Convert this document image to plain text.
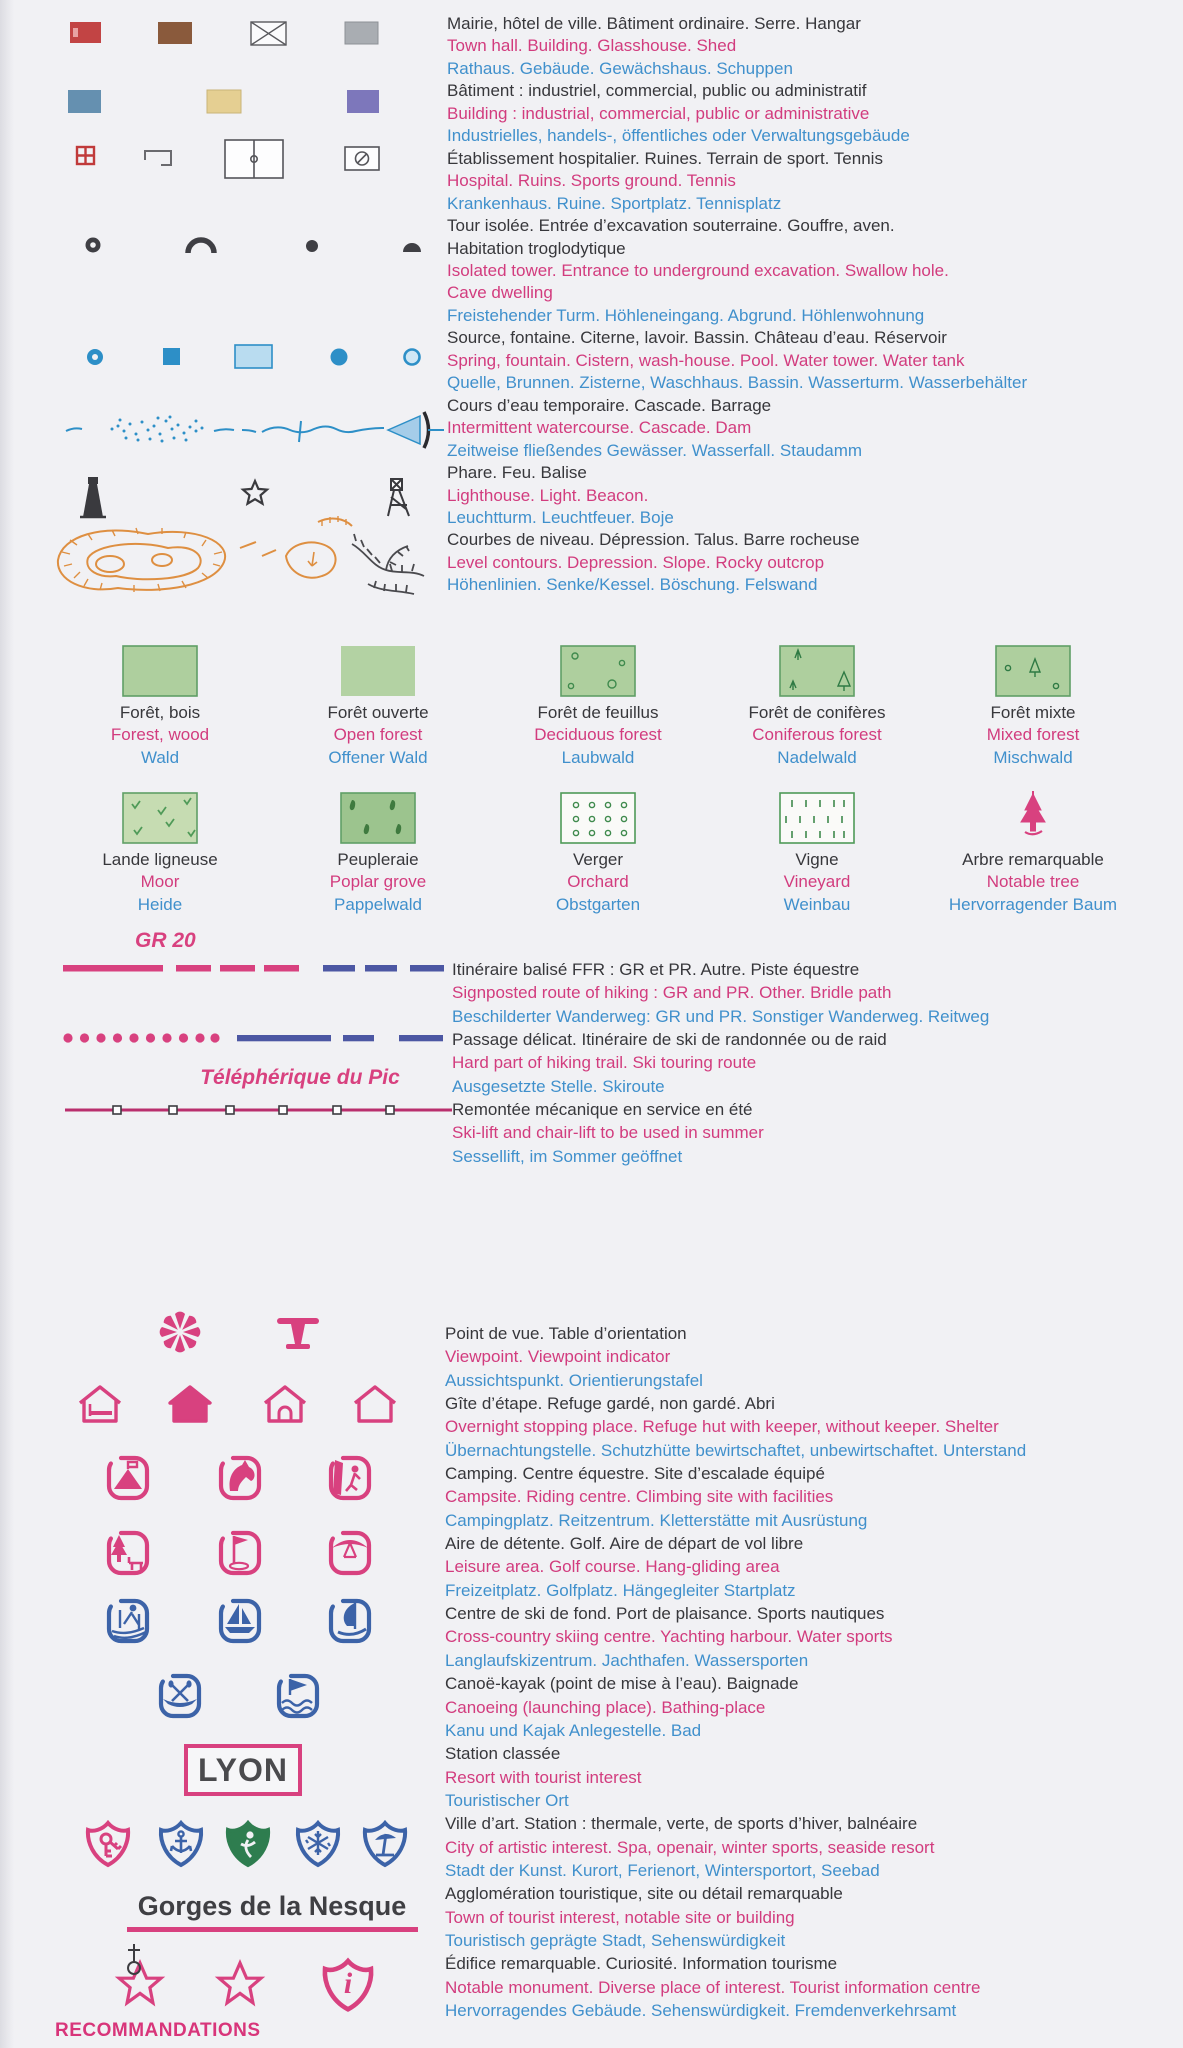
Mairie, hôtel de ville. Bâtiment ordinaire. Serre. Hangar
Town hall. Building. Glasshouse. Shed
Rathaus. Gebäude. Gewächshaus. Schuppen
Bâtiment : industriel, commercial, public ou administratif
Building : industrial, commercial, public or administrative
Industrielles, handels-, öffentliches oder Verwaltungsgebäude
Établissement hospitalier. Ruines. Terrain de sport. Tennis
Hospital. Ruins. Sports ground. Tennis
Krankenhaus. Ruine. Sportplatz. Tennisplatz
Tour isolée. Entrée d’excavation souterraine. Gouffre, aven.
Habitation troglodytique
Isolated tower. Entrance to underground excavation. Swallow hole.
Cave dwelling
Freistehender Turm. Höhleneingang. Abgrund. Höhlenwohnung
Source, fontaine. Citerne, lavoir. Bassin. Château d’eau. Réservoir
Spring, fountain. Cistern, wash-house. Pool. Water tower. Water tank
Quelle, Brunnen. Zisterne, Waschhaus. Bassin. Wasserturm. Wasserbehälter
Cours d’eau temporaire. Cascade. Barrage
Intermittent watercourse. Cascade. Dam
Zeitweise fließendes Gewässer. Wasserfall. Staudamm
Phare. Feu. Balise
Lighthouse. Light. Beacon.
Leuchtturm. Leuchtfeuer. Boje
Courbes de niveau. Dépression. Talus. Barre rocheuse
Level contours. Depression. Slope. Rocky outcrop
Höhenlinien. Senke/Kessel. Böschung. Felswand
Forêt, bois
Forest, wood
Wald
Forêt ouverte
Open forest
Offener Wald
Forêt de feuillus
Deciduous forest
Laubwald
Forêt de conifères
Coniferous forest
Nadelwald
Forêt mixte
Mixed forest
Mischwald
Lande ligneuse
Moor
Heide
Peupleraie
Poplar grove
Pappelwald
Verger
Orchard
Obstgarten
Vigne
Vineyard
Weinbau
Arbre remarquable
Notable tree
Hervorragender Baum
GR 20
Téléphérique du Pic
Itinéraire balisé FFR : GR et PR. Autre. Piste équestre
Signposted route of hiking : GR and PR. Other. Bridle path
Beschilderter Wanderweg: GR und PR. Sonstiger Wanderweg. Reitweg
Passage délicat. Itinéraire de ski de randonnée ou de raid
Hard part of hiking trail. Ski touring route
Ausgesetzte Stelle. Skiroute
Remontée mécanique en service en été
Ski-lift and chair-lift to be used in summer
Sessellift, im Sommer geöffnet
Point de vue. Table d’orientation
Viewpoint. Viewpoint indicator
Aussichtspunkt. Orientierungstafel
Gîte d’étape. Refuge gardé, non gardé. Abri
Overnight stopping place. Refuge hut with keeper, without keeper. Shelter
Übernachtungstelle. Schutzhütte bewirtschaftet, unbewirtschaftet. Unterstand
Camping. Centre équestre. Site d’escalade équipé
Campsite. Riding centre. Climbing site with facilities
Campingplatz. Reitzentrum. Kletterstätte mit Ausrüstung
Aire de détente. Golf. Aire de départ de vol libre
Leisure area. Golf course. Hang-gliding area
Freizeitplatz. Golfplatz. Hängegleiter Startplatz
Centre de ski de fond. Port de plaisance. Sports nautiques
Cross-country skiing centre. Yachting harbour. Water sports
Langlaufskizentrum. Jachthafen. Wassersporten
Canoë-kayak (point de mise à l’eau). Baignade
Canoeing (launching place). Bathing-place
Kanu und Kajak Anlegestelle. Bad
Station classée
Resort with tourist interest
Touristischer Ort
Ville d’art. Station : thermale, verte, de sports d’hiver, balnéaire
City of artistic interest. Spa, openair, winter sports, seaside resort
Stadt der Kunst. Kurort, Ferienort, Wintersportort, Seebad
Agglomération touristique, site ou détail remarquable
Town of tourist interest, notable site or building
Touristisch geprägte Stadt, Sehenswürdigkeit
Édifice remarquable. Curiosité. Information tourisme
Notable monument. Diverse place of interest. Tourist information centre
Hervorragendes Gebäude. Sehenswürdigkeit. Fremdenverkehrsamt
LYON
i
Gorges de la Nesque
RECOMMANDATIONS
